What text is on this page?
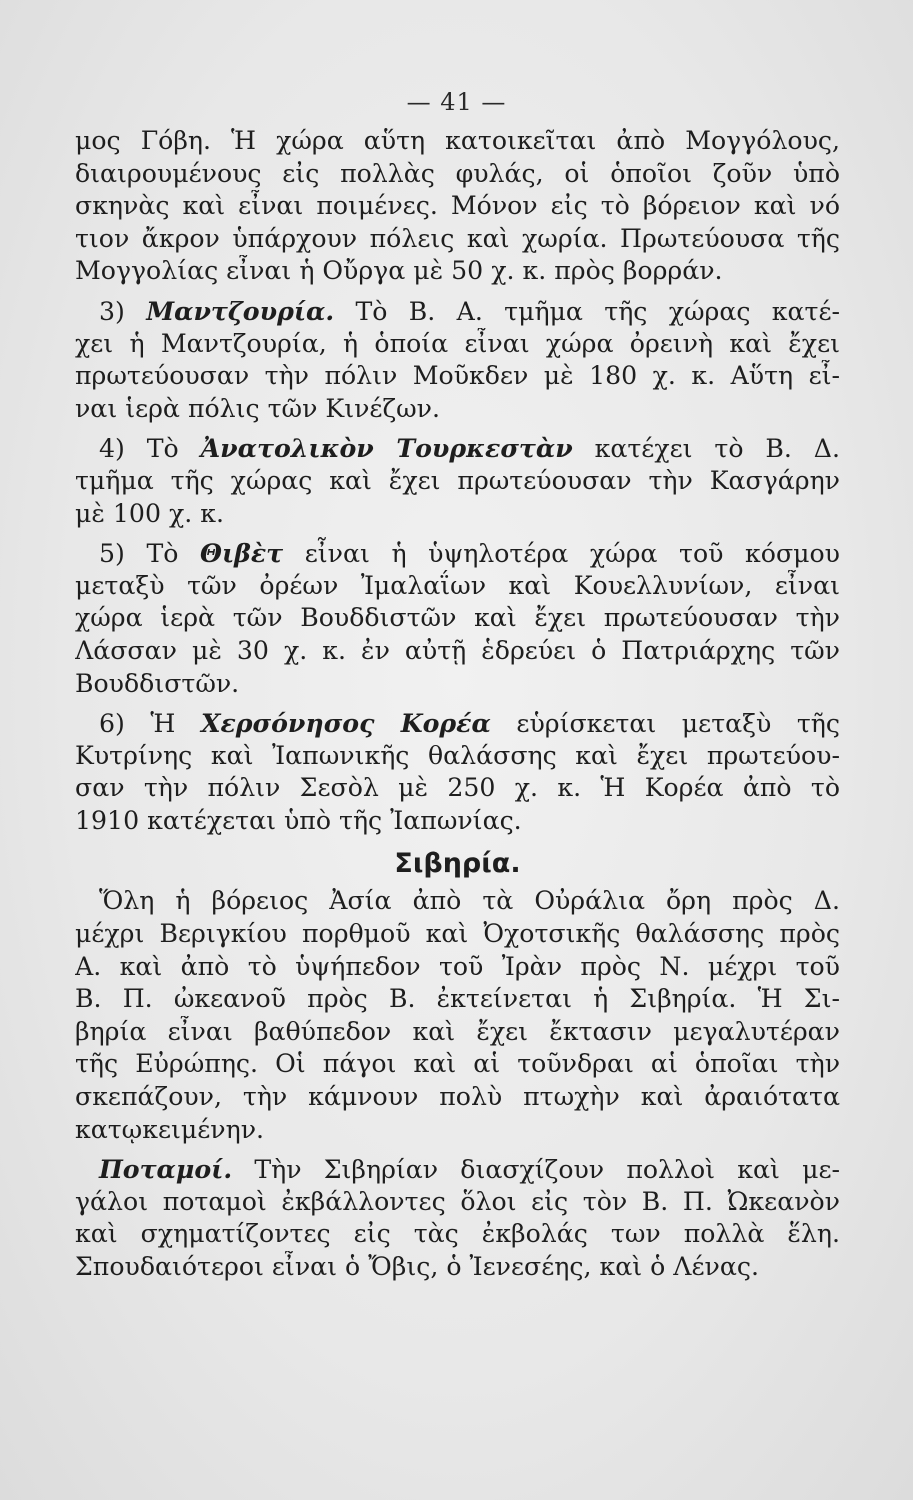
— 41 —
μος Γόβη. Ἡ χώρα αὕτη κατοικεῖται ἀπὸ Μογγόλους,
διαιρουμένους εἰς πολλὰς φυλάς, οἱ ὁποῖοι ζοῦν ὑπὸ
σκηνὰς καὶ εἶναι ποιμένες. Μόνον εἰς τὸ βόρειον καὶ νό
τιον ἄκρον ὑπάρχουν πόλεις καὶ χωρία. Πρωτεύουσα τῆς
Μογγολίας εἶναι ἡ Οὔργα μὲ 50 χ. κ. πρὸς βορράν.
3) Μαντζουρία. Τὸ Β. Α. τμῆμα τῆς χώρας κατέ-
χει ἡ Μαντζουρία, ἡ ὁποία εἶναι χώρα ὀρεινὴ καὶ ἔχει
πρωτεύουσαν τὴν πόλιν Μοῦκδεν μὲ 180 χ. κ. Αὕτη εἶ-
ναι ἱερὰ πόλις τῶν Κινέζων.
4) Τὸ Ἀνατολικὸν Τουρκεστὰν κατέχει τὸ Β. Δ.
τμῆμα τῆς χώρας καὶ ἔχει πρωτεύουσαν τὴν Κασγάρην
μὲ 100 χ. κ.
5) Τὸ Θιβὲτ εἶναι ἡ ὑψηλοτέρα χώρα τοῦ κόσμου
μεταξὺ τῶν ὀρέων Ἰμαλαΐων καὶ Κουελλυνίων, εἶναι
χώρα ἱερὰ τῶν Βουδδιστῶν καὶ ἔχει πρωτεύουσαν τὴν
Λάσσαν μὲ 30 χ. κ. ἐν αὐτῇ ἑδρεύει ὁ Πατριάρχης τῶν
Βουδδιστῶν.
6) Ἡ Χερσόνησος Κορέα εὑρίσκεται μεταξὺ τῆς
Κυτρίνης καὶ Ἰαπωνικῆς θαλάσσης καὶ ἔχει πρωτεύου-
σαν τὴν πόλιν Σεσὸλ μὲ 250 χ. κ. Ἡ Κορέα ἀπὸ τὸ
1910 κατέχεται ὑπὸ τῆς Ἰαπωνίας.
Σιβηρία.
Ὅλη ἡ βόρειος Ἀσία ἀπὸ τὰ Οὐράλια ὄρη πρὸς Δ.
μέχρι Βεριγκίου πορθμοῦ καὶ Ὀχοτσικῆς θαλάσσης πρὸς
Α. καὶ ἀπὸ τὸ ὑψήπεδον τοῦ Ἰρὰν πρὸς Ν. μέχρι τοῦ
Β. Π. ὠκεανοῦ πρὸς Β. ἐκτείνεται ἡ Σιβηρία. Ἡ Σι-
βηρία εἶναι βαθύπεδον καὶ ἔχει ἔκτασιν μεγαλυτέραν
τῆς Εὐρώπης. Οἱ πάγοι καὶ αἱ τοῦνδραι αἱ ὁποῖαι τὴν
σκεπάζουν, τὴν κάμνουν πολὺ πτωχὴν καὶ ἀραιότατα
κατῳκειμένην.
Ποταμοί. Τὴν Σιβηρίαν διασχίζουν πολλοὶ καὶ με-
γάλοι ποταμοὶ ἐκβάλλοντες ὅλοι εἰς τὸν Β. Π. Ὠκεανὸν
καὶ σχηματίζοντες εἰς τὰς ἐκβολάς των πολλὰ ἕλη.
Σπουδαιότεροι εἶναι ὁ Ὄβις, ὁ Ἰενεσέης, καὶ ὁ Λένας.
